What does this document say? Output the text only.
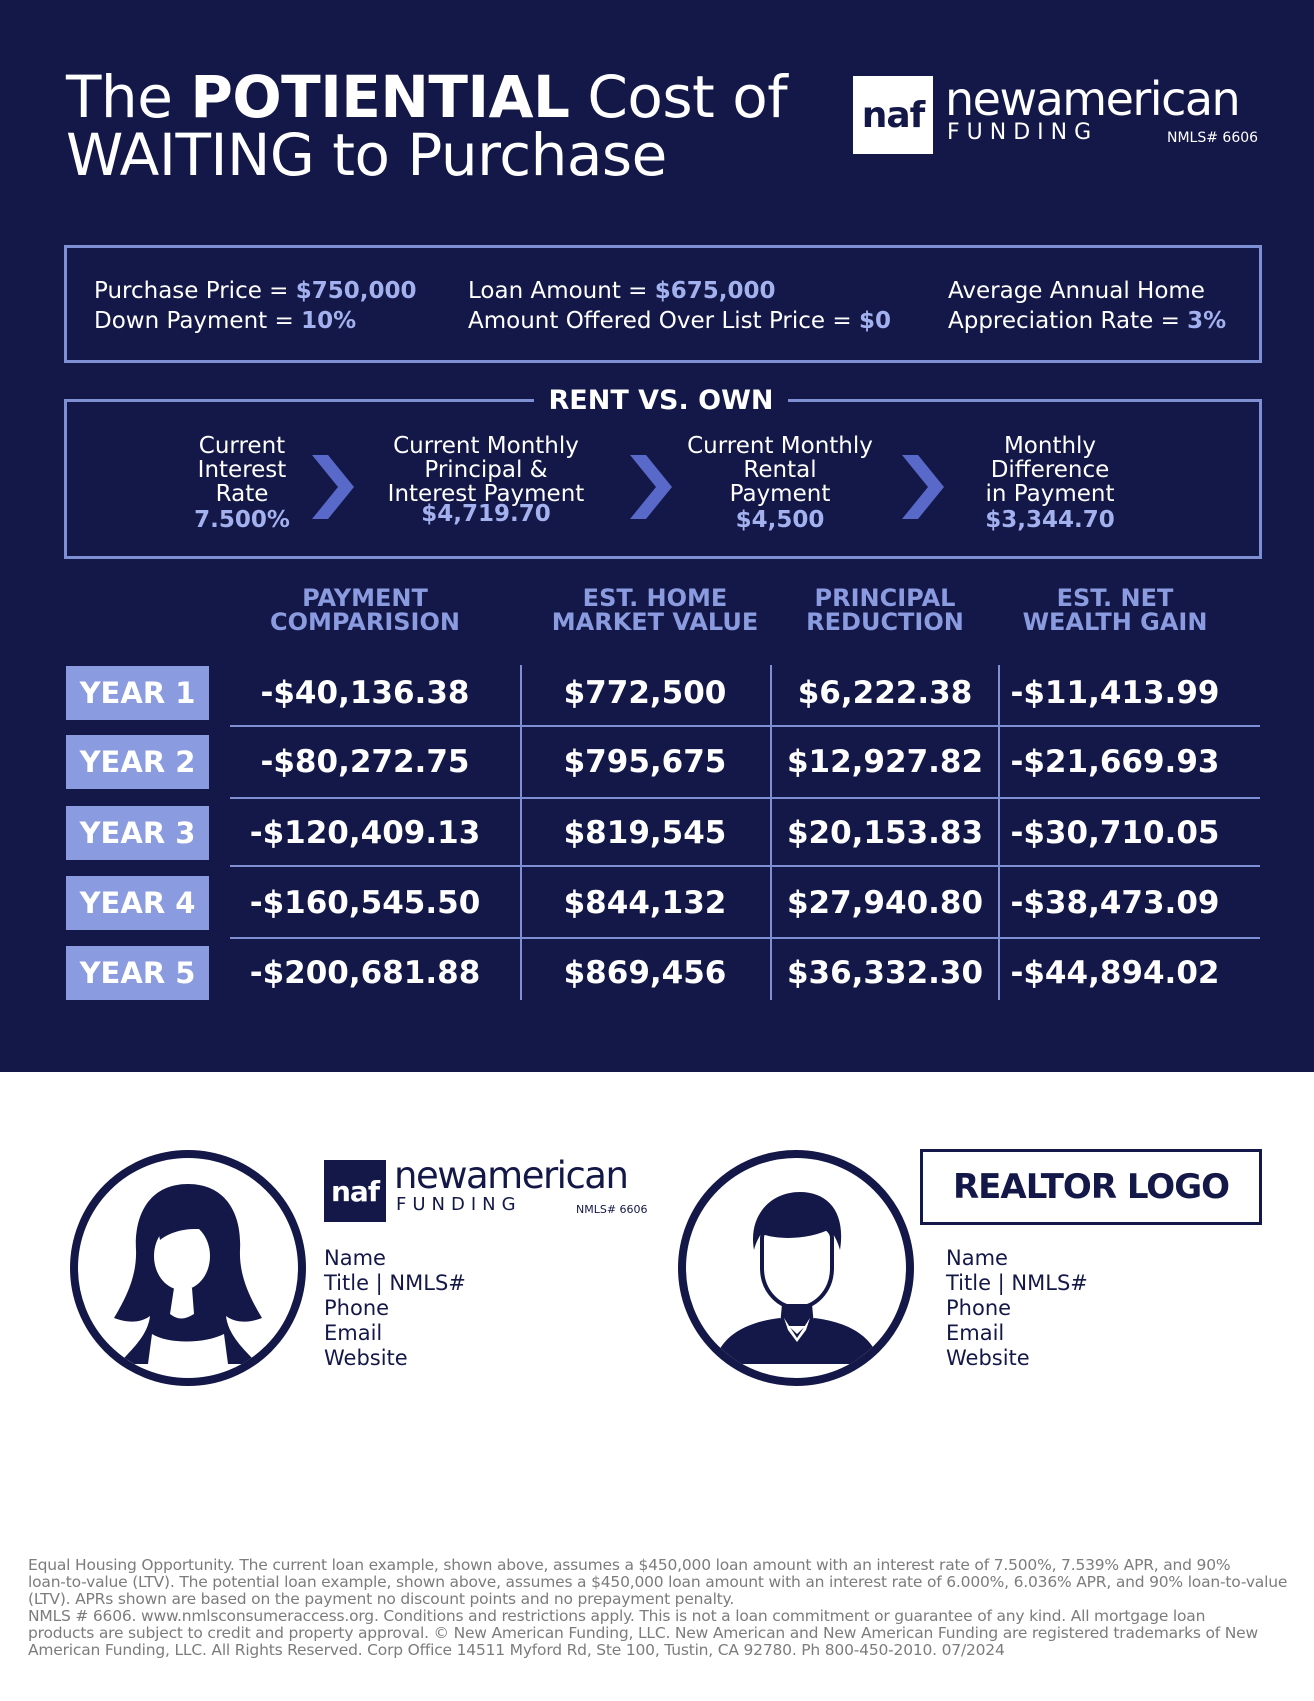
The POTIENTIAL Cost of
WAITING to Purchase
naf newamerican
FUNDING	NMLS# 6606
Purchase Price = $750,000
Down Payment = 10%
Loan Amount = $675,000
Amount Offered Over List Price = $0
Average Annual Home
Appreciation Rate = 3%
RENT VS. OWN
Current
Interest
Rate
7.500%
Current Monthly
Principal &
Interest Payment
$4,719.70
Current Monthly
Rental
Payment
$4,500
Monthly
Difference
in Payment
$3,344.70
PAYMENT
COMPARISION
EST. HOME
MARKET VALUE
PRINCIPAL
REDUCTION
EST. NET
WEALTH GAIN
YEAR 1	-$40,136.38	$772,500	$6,222.38	-$11,413.99
YEAR 2	-$80,272.75	$795,675	$12,927.82 -$21,669.93
YEAR 3	-$120,409.13	$819,545	$20,153.83 -$30,710.05
YEAR 4	-$160,545.50	$844,132	$27,940.80 -$38,473.09
YEAR 5	-$200,681.88	$869,456	$36,332.30 -$44,894.02
naf newamerican
FUNDING	NMLS# 6606
Name
Title | NMLS#
Phone
Email
Website
REALTOR LOGO
Name
Title | NMLS#
Phone
Email
Website

Equal Housing Opportunity. The current loan example, shown above, assumes a $450,000 loan amount with an interest rate of 7.500%, 7.539% APR, and 90%

loan-to-value (LTV). The potential loan example, shown above, assumes a $450,000 loan amount with an interest rate of 6.000%, 6.036% APR, and 90% loan-to-value

(LTV). APRs shown are based on the payment no discount points and no prepayment penalty.

NMLS # 6606. www.nmlsconsumeraccess.org. Conditions and restrictions apply. This is not a loan commitment or guarantee of any kind. All mortgage loan

products are subject to credit and property approval. © New American Funding, LLC. New American and New American Funding are registered trademarks of New

American Funding, LLC. All Rights Reserved. Corp Office 14511 Myford Rd, Ste 100, Tustin, CA 92780. Ph 800-450-2010. 07/2024
